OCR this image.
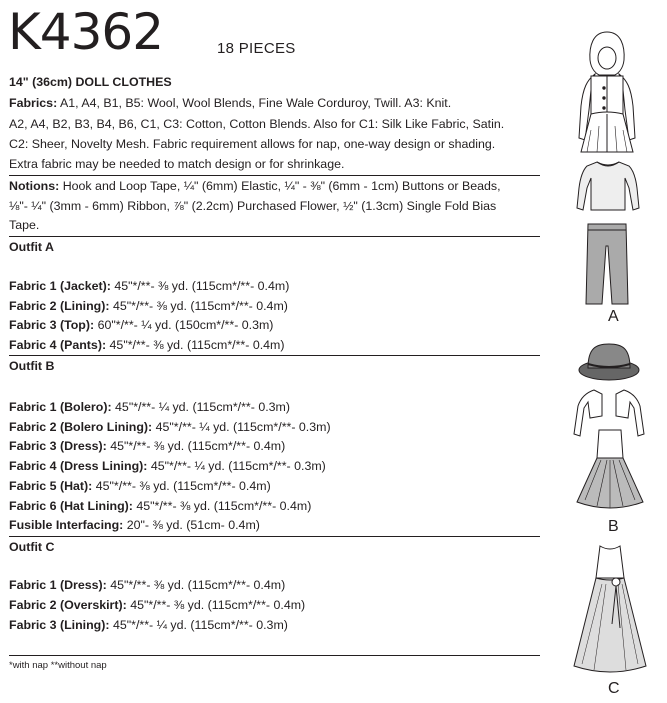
K4362	18 PIECES
14" (36cm) DOLL CLOTHES
Fabrics: A1, A4, B1, B5: Wool, Wool Blends, Fine Wale Corduroy, Twill. A3: Knit.
A2, A4, B2, B3, B4, B6, C1, C3: Cotton, Cotton Blends. Also for C1: Silk Like Fabric, Satin.
C2: Sheer, Novelty Mesh. Fabric requirement allows for nap, one-way design or shading.
Extra fabric may be needed to match design or for shrinkage.
Notions: Hook and Loop Tape, ¼" (6mm) Elastic, ¼" - ⅜" (6mm - 1cm) Buttons or Beads,
⅛"- ¼" (3mm - 6mm) Ribbon, ⅞" (2.2cm) Purchased Flower, ½" (1.3cm) Single Fold Bias
Tape.
Outfit A
Fabric 1 (Jacket): 45"*/**- ⅜ yd. (115cm*/**- 0.4m)
Fabric 2 (Lining): 45"*/**- ⅜ yd. (115cm*/**- 0.4m)
Fabric 3 (Top): 60"*/**- ¼ yd. (150cm*/**- 0.3m)
Fabric 4 (Pants): 45"*/**- ⅜ yd. (115cm*/**- 0.4m)
Outfit B
Fabric 1 (Bolero): 45"*/**- ¼ yd. (115cm*/**- 0.3m)
Fabric 2 (Bolero Lining): 45"*/**- ¼ yd. (115cm*/**- 0.3m)
Fabric 3 (Dress): 45"*/**- ⅜ yd. (115cm*/**- 0.4m)
Fabric 4 (Dress Lining): 45"*/**- ¼ yd. (115cm*/**- 0.3m)
Fabric 5 (Hat): 45"*/**- ⅜ yd. (115cm*/**- 0.4m)
Fabric 6 (Hat Lining): 45"*/**- ⅜ yd. (115cm*/**- 0.4m)
Fusible Interfacing: 20"- ⅜ yd. (51cm- 0.4m)
Outfit C
Fabric 1 (Dress): 45"*/**- ⅜ yd. (115cm*/**- 0.4m)
Fabric 2 (Overskirt): 45"*/**- ⅜ yd. (115cm*/**- 0.4m)
Fabric 3 (Lining): 45"*/**- ¼ yd. (115cm*/**- 0.3m)
*with nap **without nap
A
B
C
